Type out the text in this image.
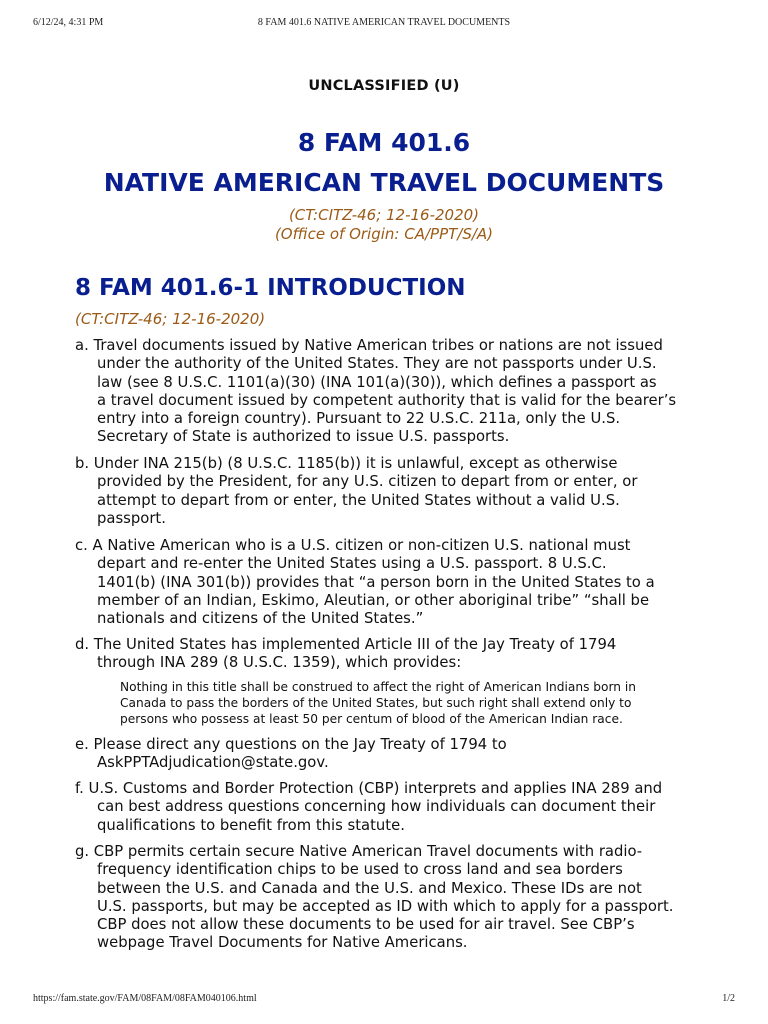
6/12/24, 4:31 PM	8 FAM 401.6 NATIVE AMERICAN TRAVEL DOCUMENTS
UNCLASSIFIED (U)
8 FAM 401.6
NATIVE AMERICAN TRAVEL DOCUMENTS
(CT:CITZ-46; 12-16-2020)
(Office of Origin: CA/PPT/S/A)
8 FAM 401.6-1 INTRODUCTION
(CT:CITZ-46; 12-16-2020)
a. Travel documents issued by Native American tribes or nations are not issued
under the authority of the United States. They are not passports under U.S.
law (see 8 U.S.C. 1101(a)(30) (INA 101(a)(30)), which defines a passport as
a travel document issued by competent authority that is valid for the bearer’s
entry into a foreign country). Pursuant to 22 U.S.C. 211a, only the U.S.
Secretary of State is authorized to issue U.S. passports.
b. Under INA 215(b) (8 U.S.C. 1185(b)) it is unlawful, except as otherwise
provided by the President, for any U.S. citizen to depart from or enter, or
attempt to depart from or enter, the United States without a valid U.S.
passport.
c. A Native American who is a U.S. citizen or non-citizen U.S. national must
depart and re-enter the United States using a U.S. passport. 8 U.S.C.
1401(b) (INA 301(b)) provides that “a person born in the United States to a
member of an Indian, Eskimo, Aleutian, or other aboriginal tribe” “shall be
nationals and citizens of the United States.”
d. The United States has implemented Article III of the Jay Treaty of 1794
through INA 289 (8 U.S.C. 1359), which provides:
Nothing in this title shall be construed to affect the right of American Indians born in
Canada to pass the borders of the United States, but such right shall extend only to
persons who possess at least 50 per centum of blood of the American Indian race.
e. Please direct any questions on the Jay Treaty of 1794 to
AskPPTAdjudication@state.gov.
f. U.S. Customs and Border Protection (CBP) interprets and applies INA 289 and
can best address questions concerning how individuals can document their
qualifications to benefit from this statute.
g. CBP permits certain secure Native American Travel documents with radio-
frequency identification chips to be used to cross land and sea borders
between the U.S. and Canada and the U.S. and Mexico. These IDs are not
U.S. passports, but may be accepted as ID with which to apply for a passport.
CBP does not allow these documents to be used for air travel. See CBP’s
webpage Travel Documents for Native Americans.
https://fam.state.gov/FAM/08FAM/08FAM040106.html	1/2
